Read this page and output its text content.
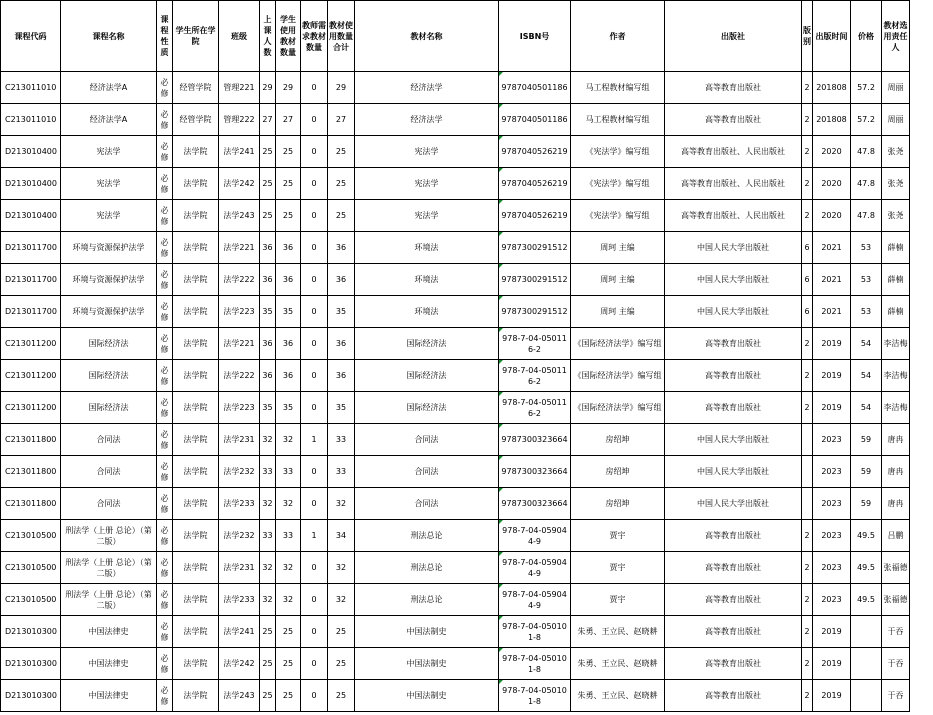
课程代码	课程名称	课程性质	学生所在学院	班级	上课人数	学生使用教材数量	教师需求教材数量	教材使用数量合计	教材名称	ISBN号	作者	出版社	版别	出版时间	价格	教材选用责任人
C213011010	经济法学A	必修	经管学院	管理221	29	29	0	29	经济法学	9787040501186	马工程教材编写组	高等教育出版社	2	201808	57.2	周丽
C213011010	经济法学A	必修	经管学院	管理222	27	27	0	27	经济法学	9787040501186	马工程教材编写组	高等教育出版社	2	201808	57.2	周丽
D213010400	宪法学	必修	法学院	法学241	25	25	0	25	宪法学	9787040526219	《宪法学》编写组	高等教育出版社、人民出版社	2	2020	47.8	张尧
D213010400	宪法学	必修	法学院	法学242	25	25	0	25	宪法学	9787040526219	《宪法学》编写组	高等教育出版社、人民出版社	2	2020	47.8	张尧
D213010400	宪法学	必修	法学院	法学243	25	25	0	25	宪法学	9787040526219	《宪法学》编写组	高等教育出版社、人民出版社	2	2020	47.8	张尧
D213011700	环境与资源保护法学	必修	法学院	法学221	36	36	0	36	环境法	9787300291512	周珂 主编	中国人民大学出版社	6	2021	53	薛楠
D213011700	环境与资源保护法学	必修	法学院	法学222	36	36	0	36	环境法	9787300291512	周珂 主编	中国人民大学出版社	6	2021	53	薛楠
D213011700	环境与资源保护法学	必修	法学院	法学223	35	35	0	35	环境法	9787300291512	周珂 主编	中国人民大学出版社	6	2021	53	薛楠
C213011200	国际经济法	必修	法学院	法学221	36	36	0	36	国际经济法	978-7-04-050116-2	《国际经济法学》编写组	高等教育出版社	2	2019	54	李洁梅
C213011200	国际经济法	必修	法学院	法学222	36	36	0	36	国际经济法	978-7-04-050116-2	《国际经济法学》编写组	高等教育出版社	2	2019	54	李洁梅
C213011200	国际经济法	必修	法学院	法学223	35	35	0	35	国际经济法	978-7-04-050116-2	《国际经济法学》编写组	高等教育出版社	2	2019	54	李洁梅
C213011800	合同法	必修	法学院	法学231	32	32	1	33	合同法	9787300323664	房绍坤	中国人民大学出版社		2023	59	唐冉
C213011800	合同法	必修	法学院	法学232	33	33	0	33	合同法	9787300323664	房绍坤	中国人民大学出版社		2023	59	唐冉
C213011800	合同法	必修	法学院	法学233	32	32	0	32	合同法	9787300323664	房绍坤	中国人民大学出版社		2023	59	唐冉
C213010500	刑法学（上册 总论）（第二版）	必修	法学院	法学232	33	33	1	34	刑法总论	978-7-04-059044-9	贾宇	高等教育出版社	2	2023	49.5	吕鹏
C213010500	刑法学（上册 总论）（第二版）	必修	法学院	法学231	32	32	0	32	刑法总论	978-7-04-059044-9	贾宇	高等教育出版社	2	2023	49.5	张福德
C213010500	刑法学（上册 总论）（第二版）	必修	法学院	法学233	32	32	0	32	刑法总论	978-7-04-059044-9	贾宇	高等教育出版社	2	2023	49.5	张福德
D213010300	中国法律史	必修	法学院	法学241	25	25	0	25	中国法制史	978-7-04-050101-8	朱勇、王立民、赵晓耕	高等教育出版社	2	2019		于吞
D213010300	中国法律史	必修	法学院	法学242	25	25	0	25	中国法制史	978-7-04-050101-8	朱勇、王立民、赵晓耕	高等教育出版社	2	2019		于吞
D213010300	中国法律史	必修	法学院	法学243	25	25	0	25	中国法制史	978-7-04-050101-8	朱勇、王立民、赵晓耕	高等教育出版社	2	2019		于吞
